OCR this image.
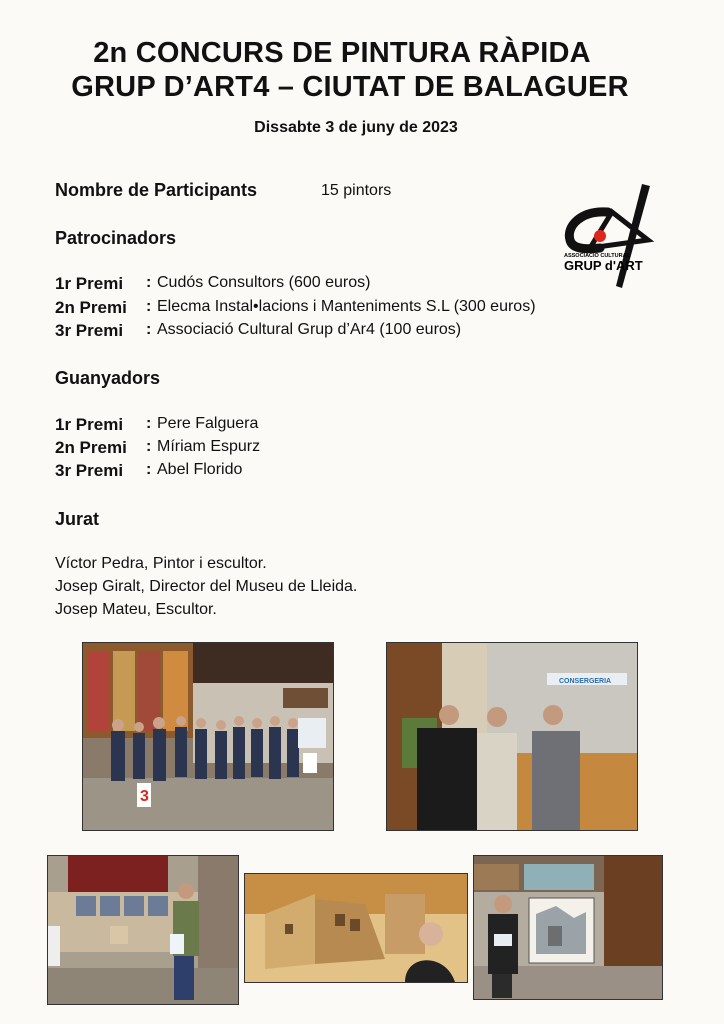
2n CONCURS DE PINTURA RÀPIDA
GRUP D’ART4 – CIUTAT DE BALAGUER
Dissabte 3 de juny de 2023
Nombre de Participants	15 pintors
ASSOCIACIÓ CULTURAL
GRUP d'ART
Patrocinadors
1r Premi	: Cudós Consultors (600 euros)
2n Premi	: Elecma Instal•lacions i Manteniments S.L (300 euros)
3r Premi	: Associació Cultural Grup d’Ar4 (100 euros)
Guanyadors
1r Premi	: Pere Falguera
2n Premi	: Míriam Espurz
3r Premi	: Abel Florido
Jurat
Víctor Pedra, Pintor i escultor.
Josep Giralt, Director del Museu de Lleida.
Josep Mateu, Escultor.
3
CONSERGERIA
